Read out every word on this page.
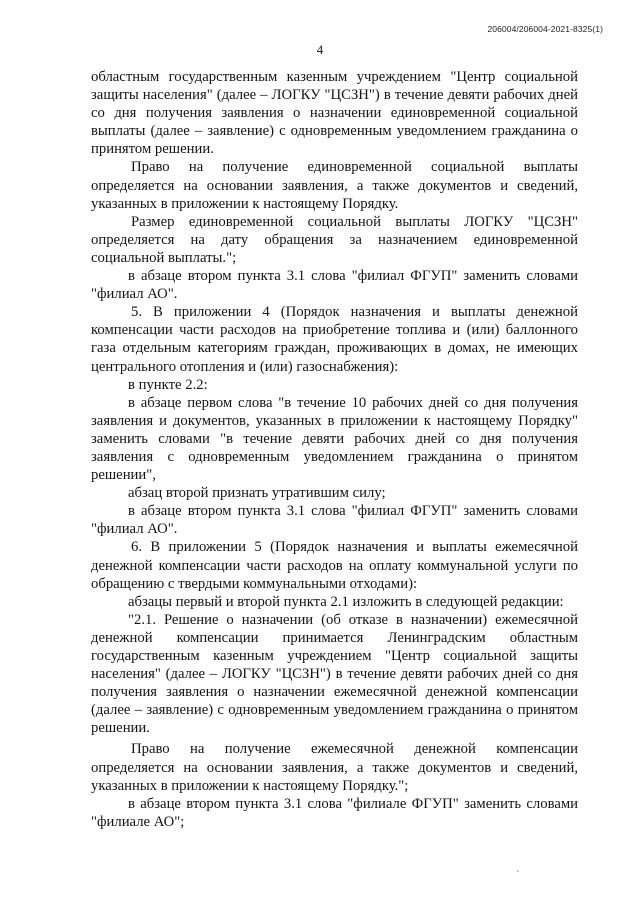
206004/206004-2021-8325(1)
4

областным государственным казенным учреждением "Центр социальной защиты населения" (далее – ЛОГКУ "ЦСЗН") в течение девяти рабочих дней со дня получения заявления о назначении единовременной социальной выплаты (далее – заявление) с одновременным уведомлением гражданина о принятом решении.

Право на получение единовременной социальной выплаты определяется на основании заявления, а также документов и сведений, указанных в приложении к настоящему Порядку.

Размер единовременной социальной выплаты ЛОГКУ "ЦСЗН" определяется на дату обращения за назначением единовременной социальной выплаты.";

в абзаце втором пункта 3.1 слова "филиал ФГУП" заменить словами "филиал АО".

5. В приложении 4 (Порядок назначения и выплаты денежной компенсации части расходов на приобретение топлива и (или) баллонного газа отдельным категориям граждан, проживающих в домах, не имеющих центрального отопления и (или) газоснабжения):

в пункте 2.2:

в абзаце первом слова "в течение 10 рабочих дней со дня получения заявления и документов, указанных в приложении к настоящему Порядку" заменить словами "в течение девяти рабочих дней со дня получения заявления с одновременным уведомлением гражданина о принятом решении",

абзац второй признать утратившим силу;

в абзаце втором пункта 3.1 слова "филиал ФГУП" заменить словами "филиал АО".

6. В приложении 5 (Порядок назначения и выплаты ежемесячной денежной компенсации части расходов на оплату коммунальной услуги по обращению с твердыми коммунальными отходами):

абзацы первый и второй пункта 2.1 изложить в следующей редакции:

"2.1. Решение о назначении (об отказе в назначении) ежемесячной денежной компенсации принимается Ленинградским областным государственным казенным учреждением "Центр социальной защиты населения" (далее – ЛОГКУ "ЦСЗН") в течение девяти рабочих дней со дня получения заявления о назначении ежемесячной денежной компенсации (далее – заявление) с одновременным уведомлением гражданина о принятом решении.

Право на получение ежемесячной денежной компенсации определяется на основании заявления, а также документов и сведений, указанных в приложении к настоящему Порядку.";

в абзаце втором пункта 3.1 слова "филиале ФГУП" заменить словами "филиале АО";
